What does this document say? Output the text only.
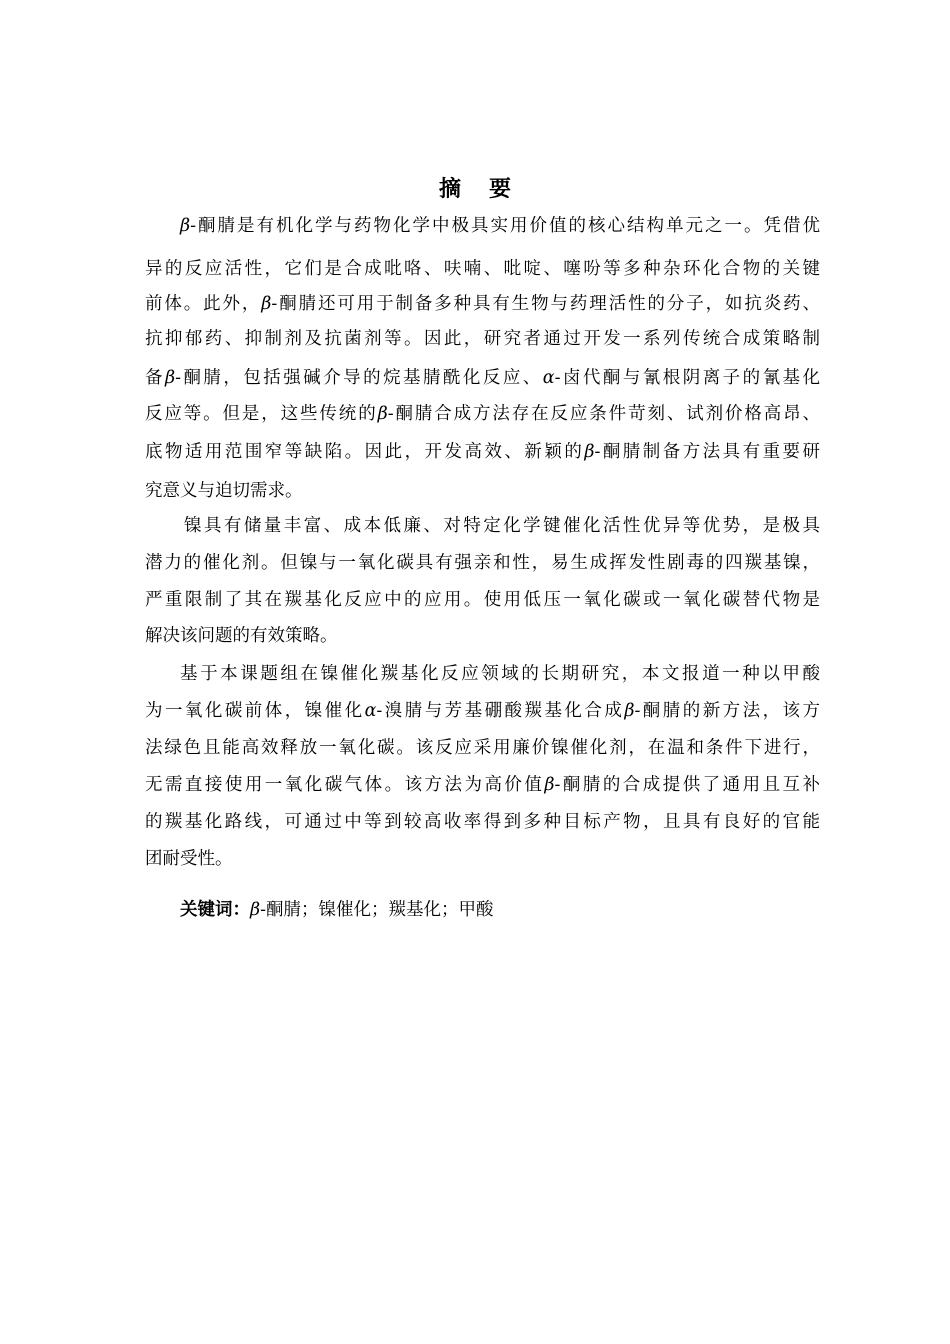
摘 要
β-酮腈是有机化学与药物化学中极具实用价值的核心结构单元之一。凭借优
异的反应活性，它们是合成吡咯、呋喃、吡啶、噻吩等多种杂环化合物的关键
前体。此外，β-酮腈还可用于制备多种具有生物与药理活性的分子，如抗炎药、
抗抑郁药、抑制剂及抗菌剂等。因此，研究者通过开发一系列传统合成策略制
备β-酮腈，包括强碱介导的烷基腈酰化反应、α-卤代酮与氰根阴离子的氰基化
反应等。但是，这些传统的β-酮腈合成方法存在反应条件苛刻、试剂价格高昂、
底物适用范围窄等缺陷。因此，开发高效、新颖的β-酮腈制备方法具有重要研
究意义与迫切需求。
镍具有储量丰富、成本低廉、对特定化学键催化活性优异等优势，是极具
潜力的催化剂。但镍与一氧化碳具有强亲和性，易生成挥发性剧毒的四羰基镍，
严重限制了其在羰基化反应中的应用。使用低压一氧化碳或一氧化碳替代物是
解决该问题的有效策略。
基于本课题组在镍催化羰基化反应领域的长期研究，本文报道一种以甲酸
为一氧化碳前体，镍催化α-溴腈与芳基硼酸羰基化合成β-酮腈的新方法，该方
法绿色且能高效释放一氧化碳。该反应采用廉价镍催化剂，在温和条件下进行，
无需直接使用一氧化碳气体。该方法为高价值β-酮腈的合成提供了通用且互补
的羰基化路线，可通过中等到较高收率得到多种目标产物，且具有良好的官能
团耐受性。
关键词：β-酮腈；镍催化；羰基化；甲酸
